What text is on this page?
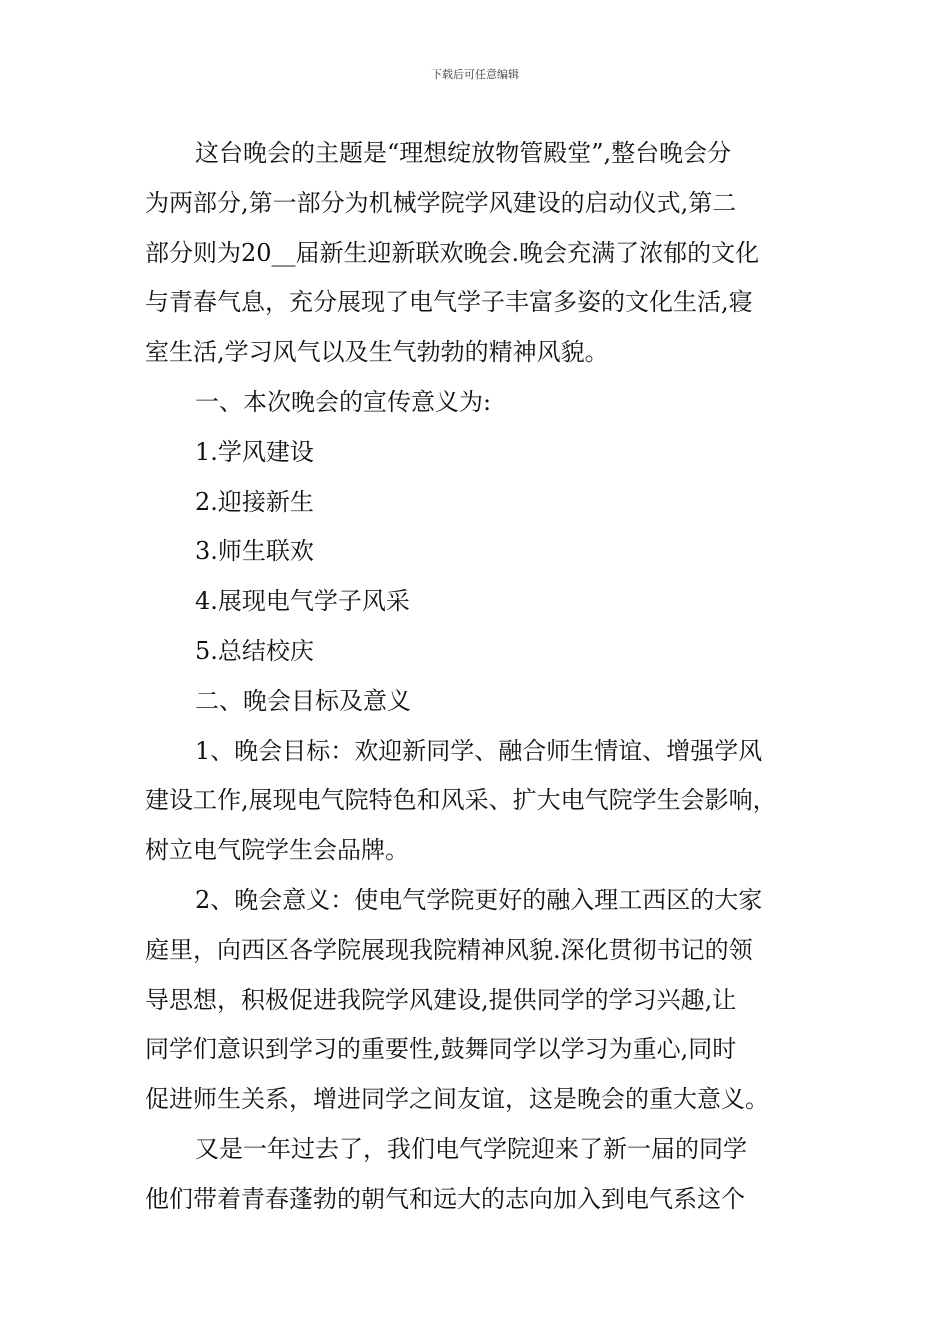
下载后可任意编辑
这台晚会的主题是“理想绽放物管殿堂”,整台晚会分
为两部分,第一部分为机械学院学风建设的启动仪式,第二
部分则为20__届新生迎新联欢晚会.晚会充满了浓郁的文化
与青春气息，充分展现了电气学子丰富多姿的文化生活,寝
室生活,学习风气以及生气勃勃的精神风貌。
一、本次晚会的宣传意义为:
1.学风建设
2.迎接新生
3.师生联欢
4.展现电气学子风采
5.总结校庆
二、晚会目标及意义
1、晚会目标：欢迎新同学、融合师生情谊、增强学风
建设工作,展现电气院特色和风采、扩大电气院学生会影响，
树立电气院学生会品牌。
2、晚会意义：使电气学院更好的融入理工西区的大家
庭里，向西区各学院展现我院精神风貌.深化贯彻书记的领
导思想，积极促进我院学风建设,提供同学的学习兴趣,让
同学们意识到学习的重要性,鼓舞同学以学习为重心,同时
促进师生关系，增进同学之间友谊，这是晚会的重大意义。
又是一年过去了，我们电气学院迎来了新一届的同学
他们带着青春蓬勃的朝气和远大的志向加入到电气系这个
